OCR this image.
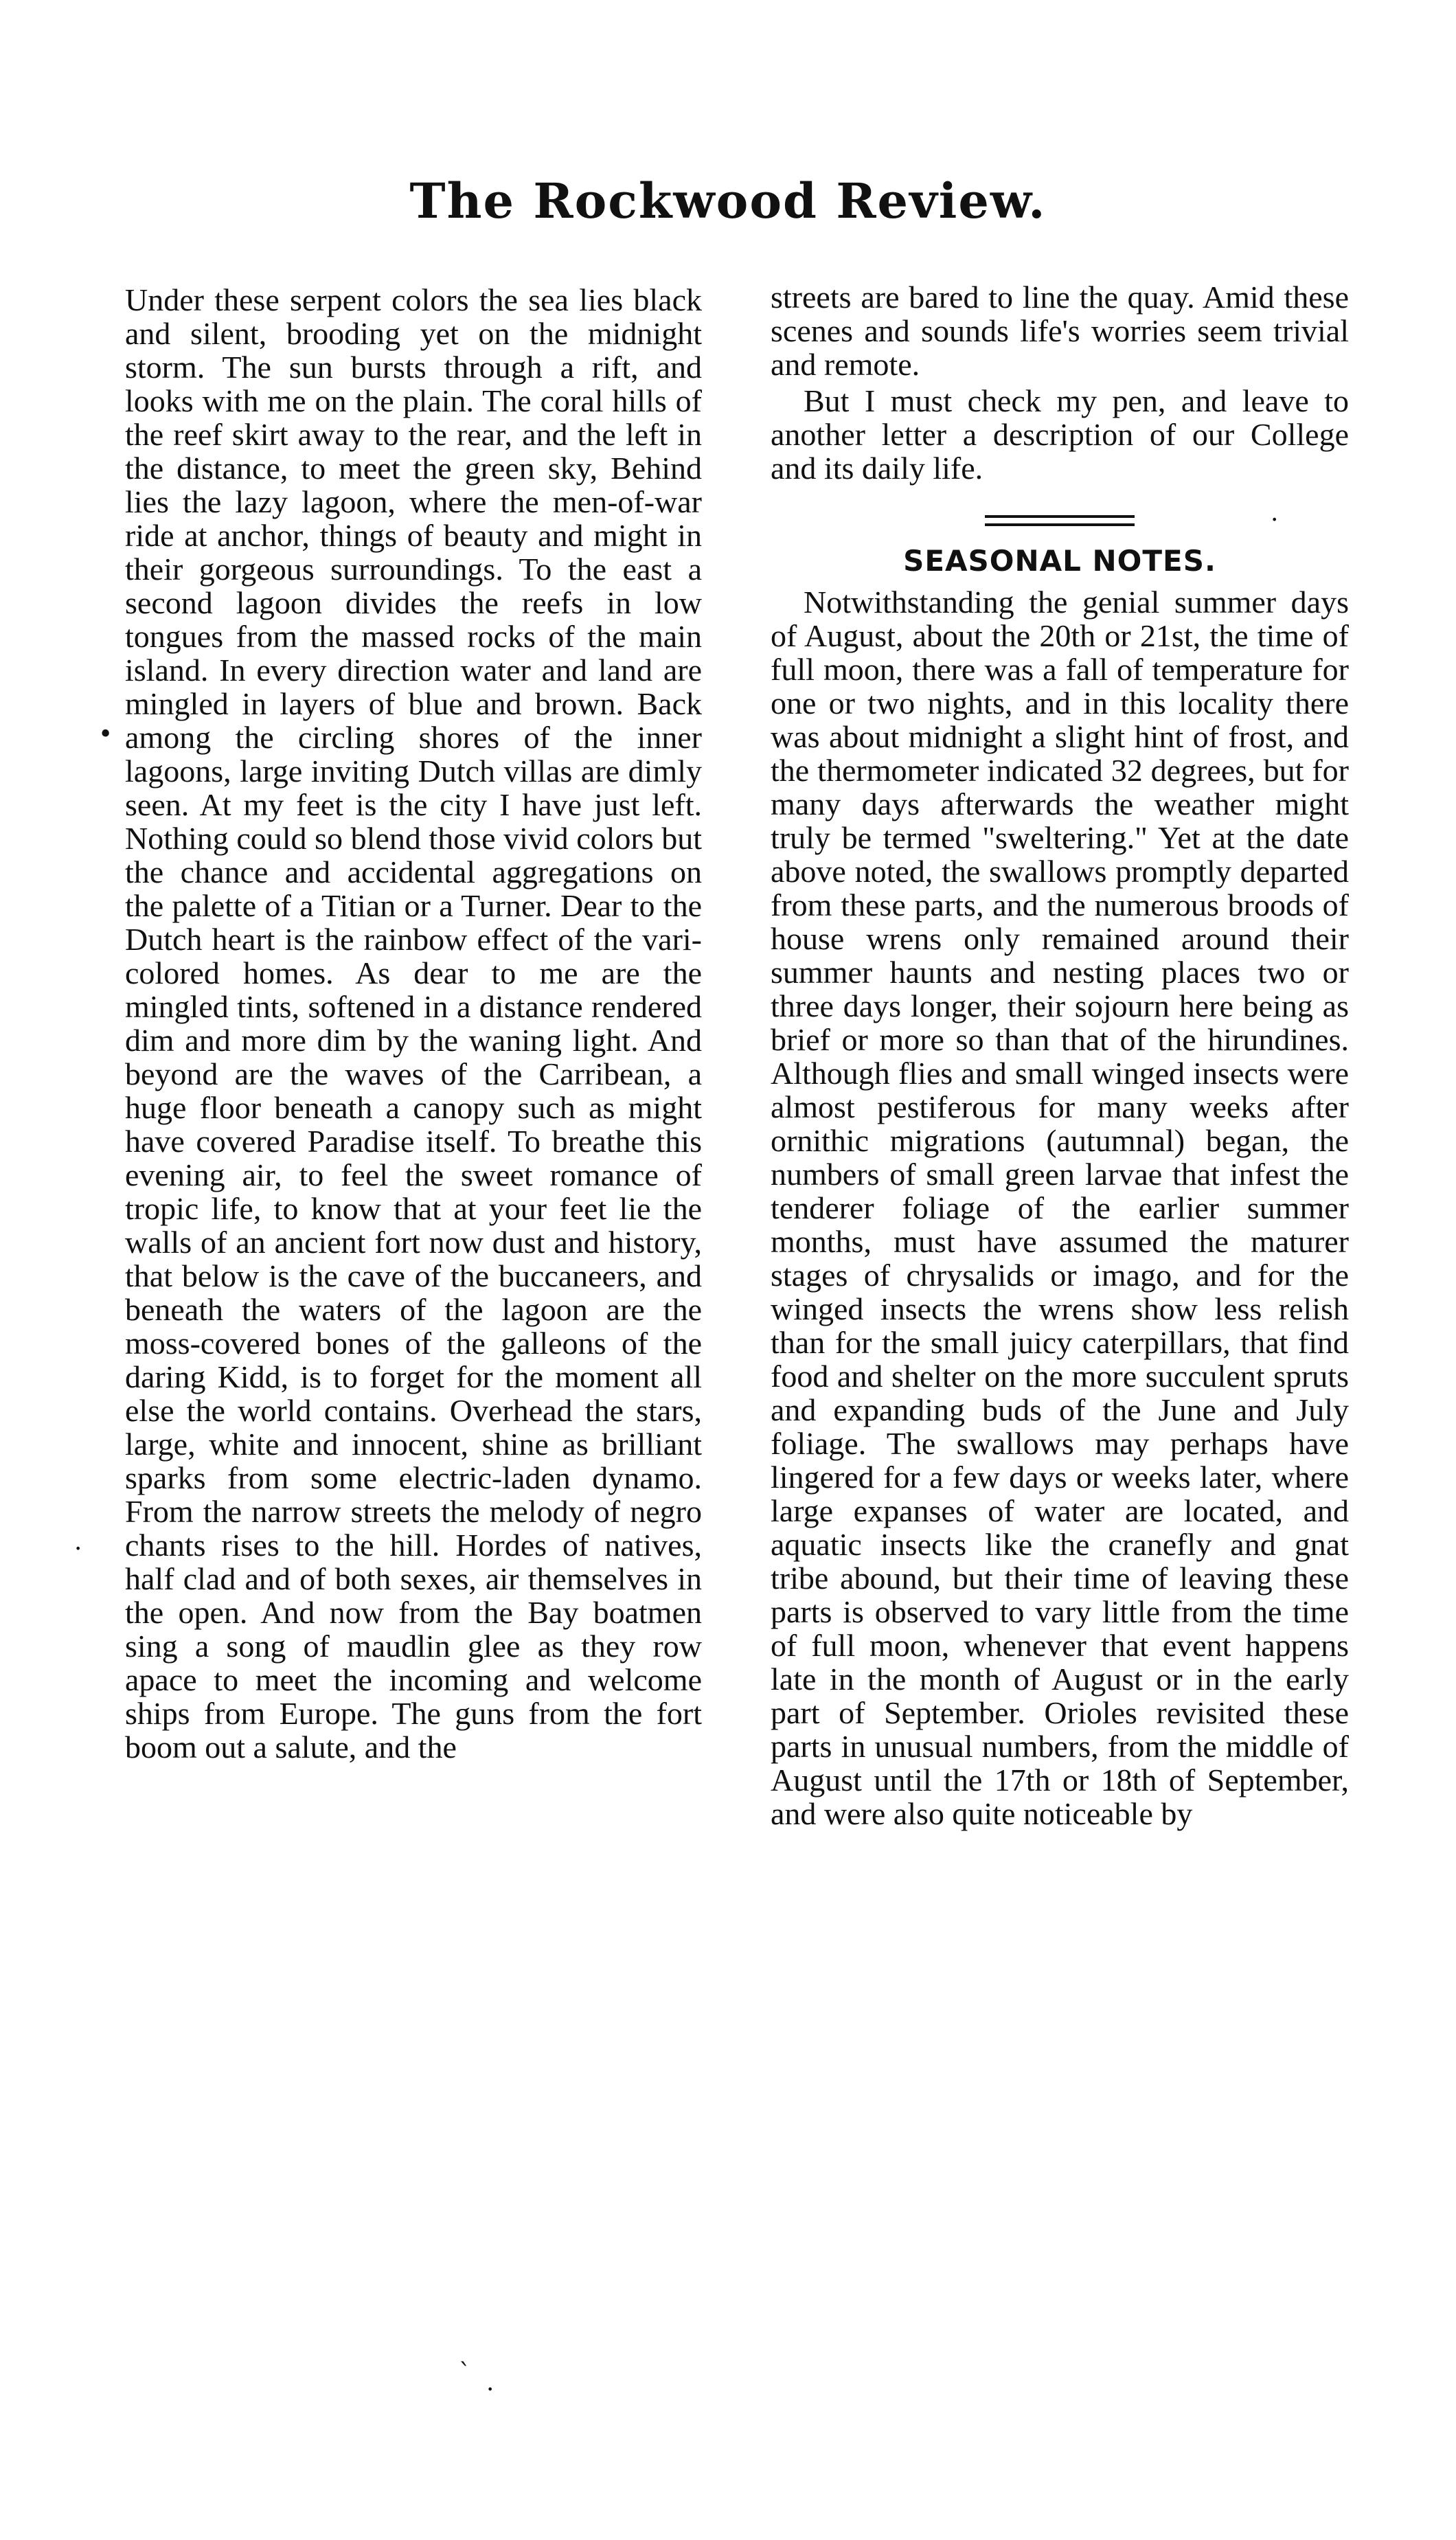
The Rockwood Review.

Under these serpent colors the sea lies black and silent, brooding yet on the midnight storm. The sun bursts through a rift, and looks with me on the plain. The coral hills of the reef skirt away to the rear, and the left in the distance, to meet the green sky, Behind lies the lazy lagoon, where the men-of-war ride at anchor, things of beauty and might in their gorgeous surroundings. To the east a second lagoon divides the reefs in low tongues from the massed rocks of the main island. In every direction water and land are mingled in layers of blue and brown. Back among the circling shores of the inner lagoons, large inviting Dutch villas are dimly seen. At my feet is the city I have just left. Nothing could so blend those vivid colors but the chance and accidental aggregations on the palette of a Titian or a Turner. Dear to the Dutch heart is the rainbow effect of the vari-colored homes. As dear to me are the mingled tints, softened in a distance rendered dim and more dim by the waning light. And beyond are the waves of the Carribean, a huge floor beneath a canopy such as might have covered Paradise itself. To breathe this evening air, to feel the sweet romance of tropic life, to know that at your feet lie the walls of an ancient fort now dust and history, that below is the cave of the buccaneers, and beneath the waters of the lagoon are the moss-covered bones of the galleons of the daring Kidd, is to forget for the moment all else the world contains. Overhead the stars, large, white and innocent, shine as brilliant sparks from some electric-laden dynamo. From the narrow streets the melody of negro chants rises to the hill. Hordes of natives, half clad and of both sexes, air themselves in the open. And now from the Bay boatmen sing a song of maudlin glee as they row apace to meet the incoming and welcome ships from Europe. The guns from the fort boom out a salute, and the

streets are bared to line the quay. Amid these scenes and sounds life's worries seem trivial and remote.

But I must check my pen, and leave to another letter a description of our College and its daily life.

SEASONAL NOTES.

Notwithstanding the genial summer days of August, about the 20th or 21st, the time of full moon, there was a fall of temperature for one or two nights, and in this locality there was about midnight a slight hint of frost, and the thermometer indicated 32 degrees, but for many days afterwards the weather might truly be termed "sweltering." Yet at the date above noted, the swallows promptly departed from these parts, and the numerous broods of house wrens only remained around their summer haunts and nesting places two or three days longer, their sojourn here being as brief or more so than that of the hirundines. Although flies and small winged insects were almost pestiferous for many weeks after ornithic migrations (autumnal) began, the numbers of small green larvae that infest the tenderer foliage of the earlier summer months, must have assumed the maturer stages of chrysalids or imago, and for the winged insects the wrens show less relish than for the small juicy caterpillars, that find food and shelter on the more succulent spruts and expanding buds of the June and July foliage. The swallows may perhaps have lingered for a few days or weeks later, where large expanses of water are located, and aquatic insects like the cranefly and gnat tribe abound, but their time of leaving these parts is observed to vary little from the time of full moon, whenever that event happens late in the month of August or in the early part of September. Orioles revisited these parts in unusual numbers, from the middle of August until the 17th or 18th of September, and were also quite noticeable by

•
·
·
ˋ
·
